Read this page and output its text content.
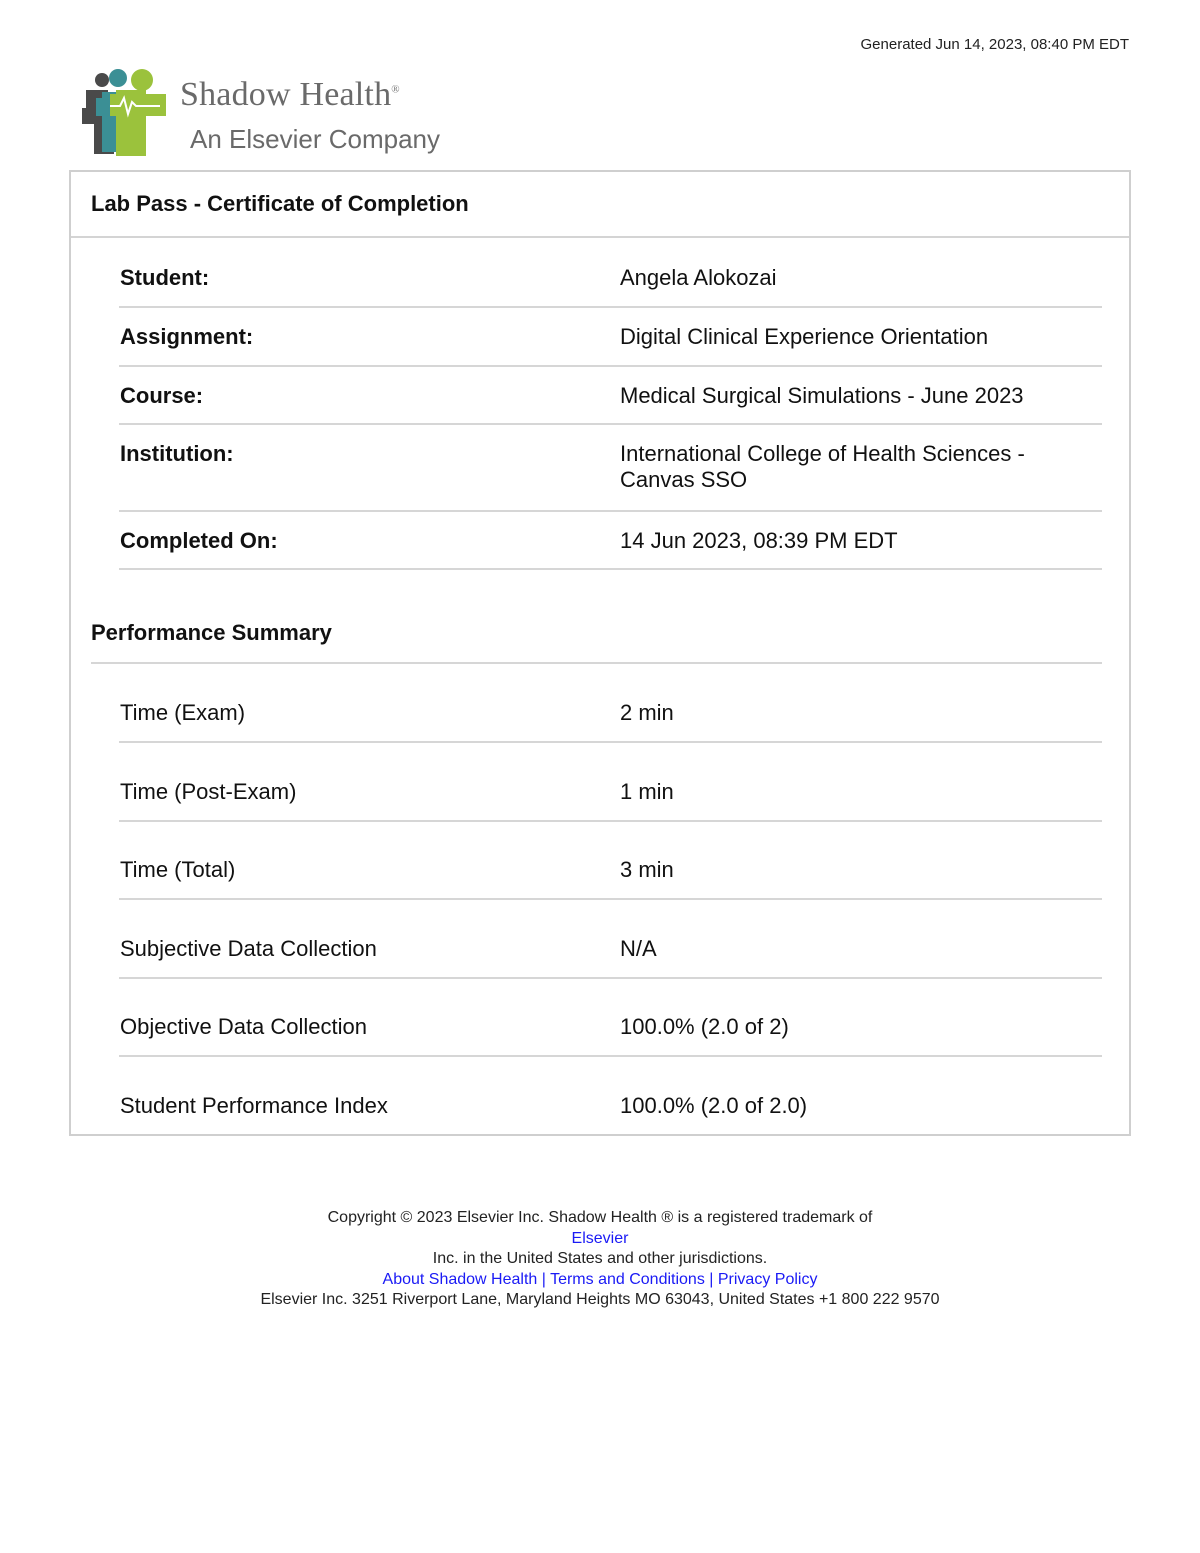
Generated Jun 14, 2023, 08:40 PM EDT
Shadow Health®
An Elsevier Company
Lab Pass - Certificate of Completion
Student:	Angela Alokozai
Assignment:	Digital Clinical Experience Orientation
Course:	Medical Surgical Simulations - June 2023
Institution:	International College of Health Sciences - Canvas SSO
Completed On:	14 Jun 2023, 08:39 PM EDT
Performance Summary
Time (Exam)	2 min
Time (Post-Exam)	1 min
Time (Total)	3 min
Subjective Data Collection	N/A
Objective Data Collection	100.0% (2.0 of 2)
Student Performance Index	100.0% (2.0 of 2.0)
Copyright © 2023 Elsevier Inc. Shadow Health ® is a registered trademark of
Elsevier
Inc. in the United States and other jurisdictions.
About Shadow Health | Terms and Conditions | Privacy Policy
Elsevier Inc. 3251 Riverport Lane, Maryland Heights MO 63043, United States +1 800 222 9570
